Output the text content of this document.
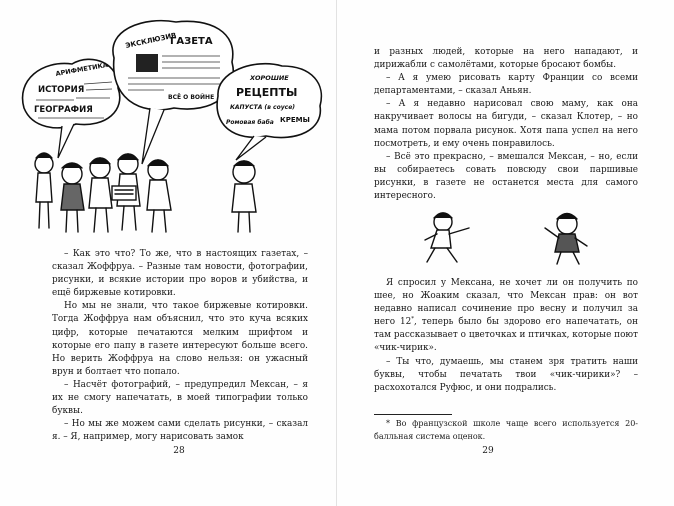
АРИФМЕТИКА
ИСТОРИЯ
ГЕОГРАФИЯ
ЭКСКЛЮЗИВ
ГАЗЕТА
ВСЁ О ВОЙНЕ
ХОРОШИЕ
РЕЦЕПТЫ
КАПУСТА (в соусе)
Ромовая баба КРЕМЫ

– Как это что? То же, что в настоящих газетах, – сказал Жоффруа. – Разные там новости, фотографии, рисунки, и всякие истории про воров и убийства, и ещё биржевые котировки.

Но мы не знали, что такое биржевые котировки. Тогда Жоффруа нам объяснил, что это куча всяких цифр, которые печатаются мелким шрифтом и которые его папу в газете интересуют больше всего. Но верить Жоффруа на слово нельзя: он ужасный врун и болтает что попало.

– Насчёт фотографий, – предупредил Мексан, – я их не смогу напечатать, в моей типографии только буквы.

– Но мы же можем сами сделать рисунки, – сказал я. – Я, например, могу нарисовать замок

28

и разных людей, которые на него нападают, и дирижабли с самолётами, которые бросают бомбы.

– А я умею рисовать карту Франции со всеми департаментами, – сказал Аньян.

– А я недавно нарисовал свою маму, как она накручивает волосы на бигуди, – сказал Клотер, – но мама потом порвала рисунок. Хотя папа успел на него посмотреть, и ему очень понравилось.

– Всё это прекрасно, – вмешался Мексан, – но, если вы собираетесь совать повсюду свои паршивые рисунки, в газете не останется места для самого интересного.

Я спросил у Мексана, не хочет ли он получить по шее, но Жоаким сказал, что Мексан прав: он вот недавно написал сочинение про весну и получил за него 12*, теперь было бы здорово его напечатать, он там рассказывает о цветочках и птичках, которые поют «чик-чирик».

– Ты что, думаешь, мы станем зря тратить наши буквы, чтобы печатать твои «чик-чирики»? – расхохотался Руфюс, и они подрались.

* Во французской школе чаще всего используется 20-балльная система оценок.
29
